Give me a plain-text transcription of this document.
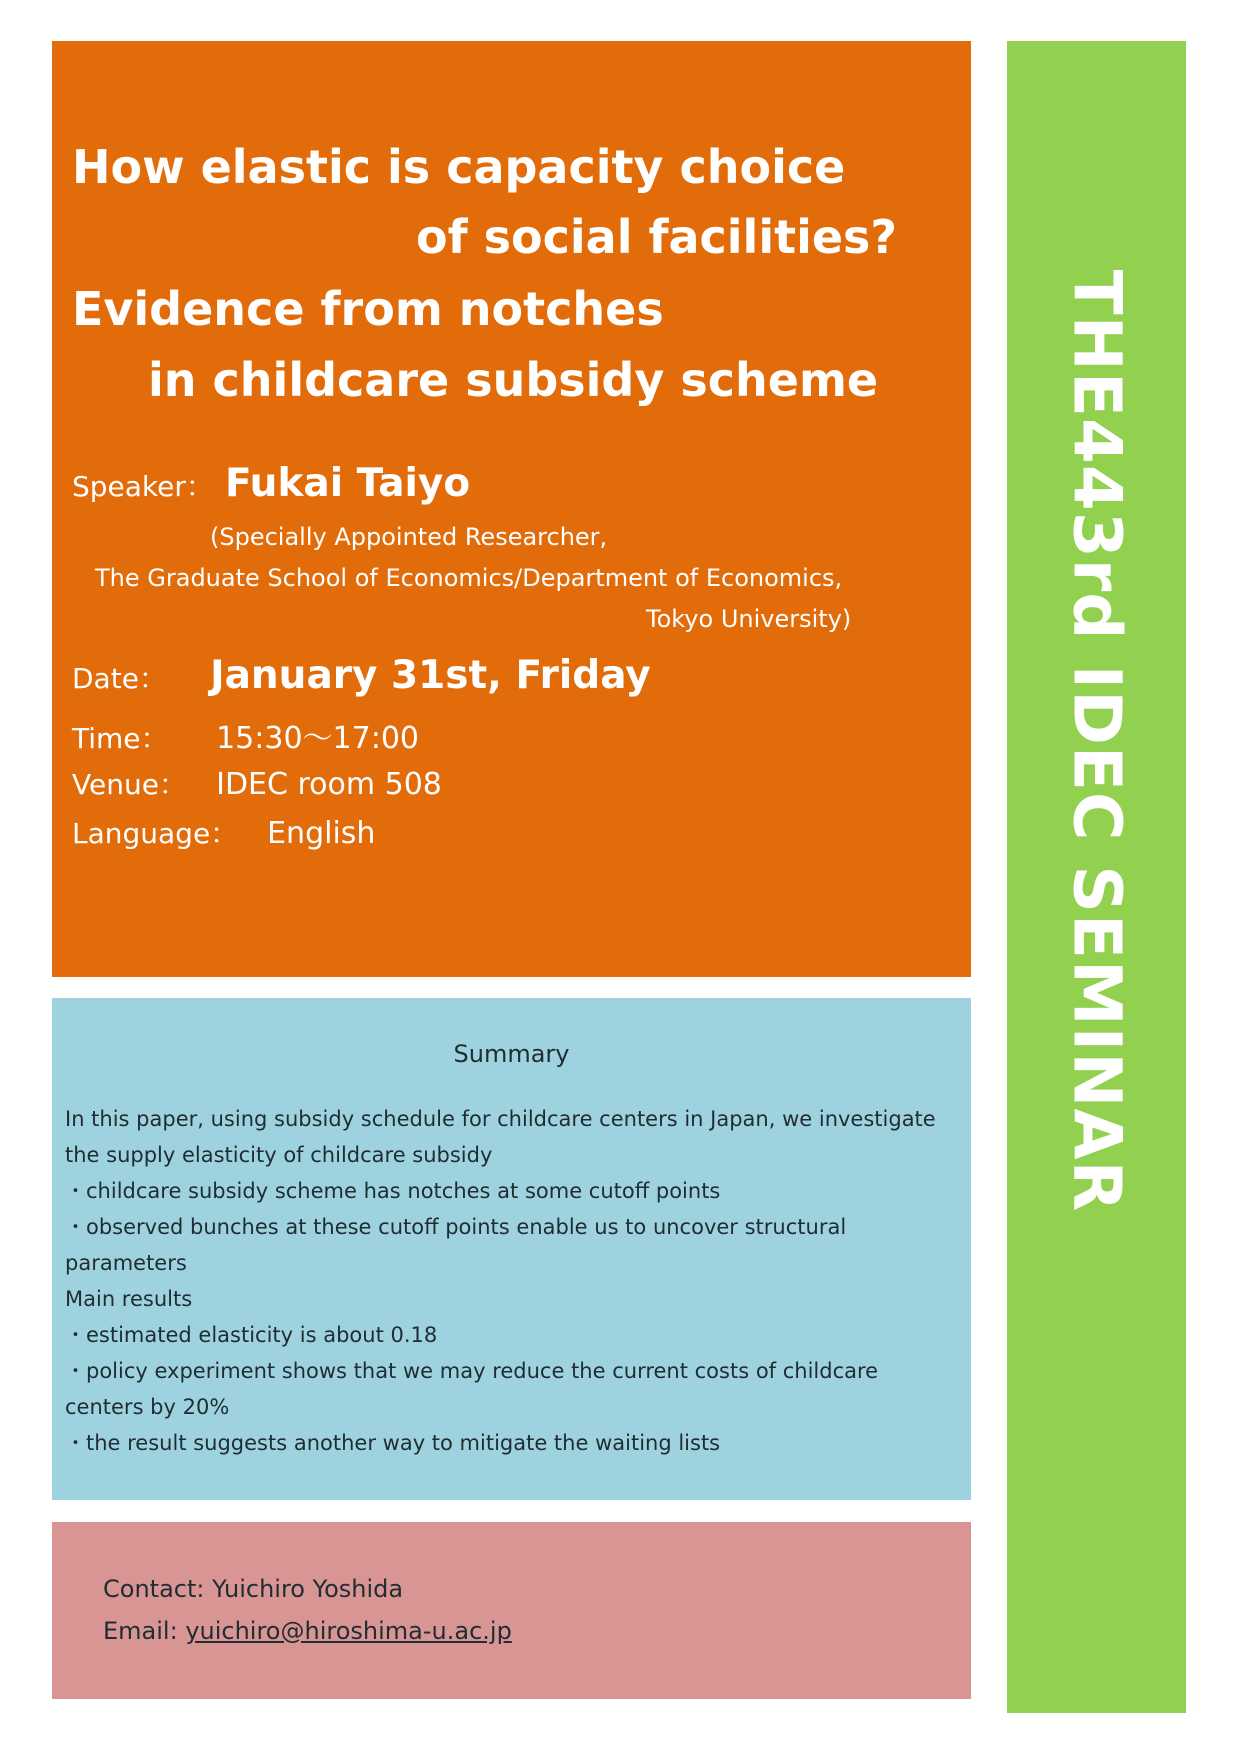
How elastic is capacity choice
of social facilities?
Evidence from notches
in childcare subsidy scheme
Speaker： Fukai Taiyo
(Specially Appointed Researcher,
The Graduate School of Economics/Department of Economics,
Tokyo University)
Date： January 31st, Friday
Time： 15:30～17:00
Venue： IDEC room 508
Language： English	THE443rd IDEC SEMINAR
Summary
In this paper, using subsidy schedule for childcare centers in Japan, we investigate
the supply elasticity of childcare subsidy
・childcare subsidy scheme has notches at some cutoff points
・observed bunches at these cutoff points enable us to uncover structural
parameters
Main results
・estimated elasticity is about 0.18
・policy experiment shows that we may reduce the current costs of childcare
centers by 20%
・the result suggests another way to mitigate the waiting lists
Contact: Yuichiro Yoshida
Email: yuichiro@hiroshima-u.ac.jp
